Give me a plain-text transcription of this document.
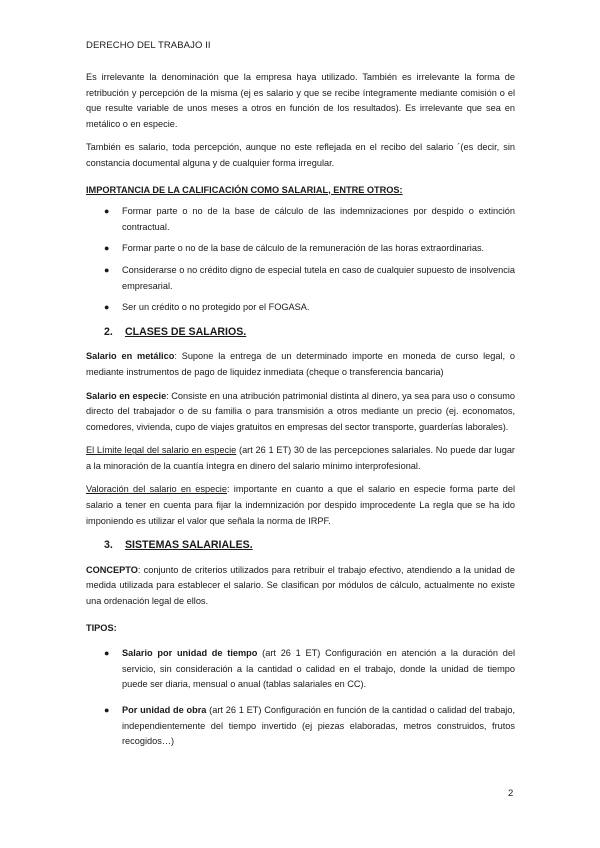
DERECHO DEL TRABAJO II

Es irrelevante la denominación que la empresa haya utilizado. También es irrelevante la forma de retribución y percepción de la misma (ej es salario y que se recibe íntegramente mediante comisión o el que resulte variable de unos meses a otros en función de los resultados). Es irrelevante que sea en metálico o en especie.

También es salario, toda percepción, aunque no este reflejada en el recibo del salario ´(es decir, sin constancia documental alguna y de cualquier forma irregular.

IMPORTANCIA DE LA CALIFICACIÓN COMO SALARIAL, ENTRE OTROS:

● Formar parte o no de la base de cálculo de las indemnizaciones por despido o extinción contractual.
● Formar parte o no de la base de cálculo de la remuneración de las horas extraordinarias.
● Considerarse o no crédito digno de especial tutela en caso de cualquier supuesto de insolvencia empresarial.
● Ser un crédito o no protegido por el FOGASA.
2. CLASES DE SALARIOS.

Salario en metálico: Supone la entrega de un determinado importe en moneda de curso legal, o mediante instrumentos de pago de liquidez inmediata (cheque o transferencia bancaria)

Salario en especie: Consiste en una atribución patrimonial distinta al dinero, ya sea para uso o consumo directo del trabajador o de su familia o para transmisión a otros mediante un precio (ej. economatos, comedores, vivienda, cupo de viajes gratuitos en empresas del sector transporte, guarderías laborales).

El Límite legal del salario en especie (art 26 1 ET) 30 de las percepciones salariales. No puede dar lugar a la minoración de la cuantía íntegra en dinero del salario mínimo interprofesional.

Valoración del salario en especie: importante en cuanto a que el salario en especie forma parte del salario a tener en cuenta para fijar la indemnización por despido improcedente La regla que se ha ido imponiendo es utilizar el valor que señala la norma de IRPF.

3. SISTEMAS SALARIALES.

CONCEPTO: conjunto de criterios utilizados para retribuir el trabajo efectivo, atendiendo a la unidad de medida utilizada para establecer el salario. Se clasifican por módulos de cálculo, actualmente no existe una ordenación legal de ellos.

TIPOS:

● Salario por unidad de tiempo (art 26 1 ET) Configuración en atención a la duración del servicio, sin consideración a la cantidad o calidad en el trabajo, donde la unidad de tiempo puede ser diaria, mensual o anual (tablas salariales en CC).
● Por unidad de obra (art 26 1 ET) Configuración en función de la cantidad o calidad del trabajo, independientemente del tiempo invertido (ej piezas elaboradas, metros construidos, frutos recogidos…)
2
